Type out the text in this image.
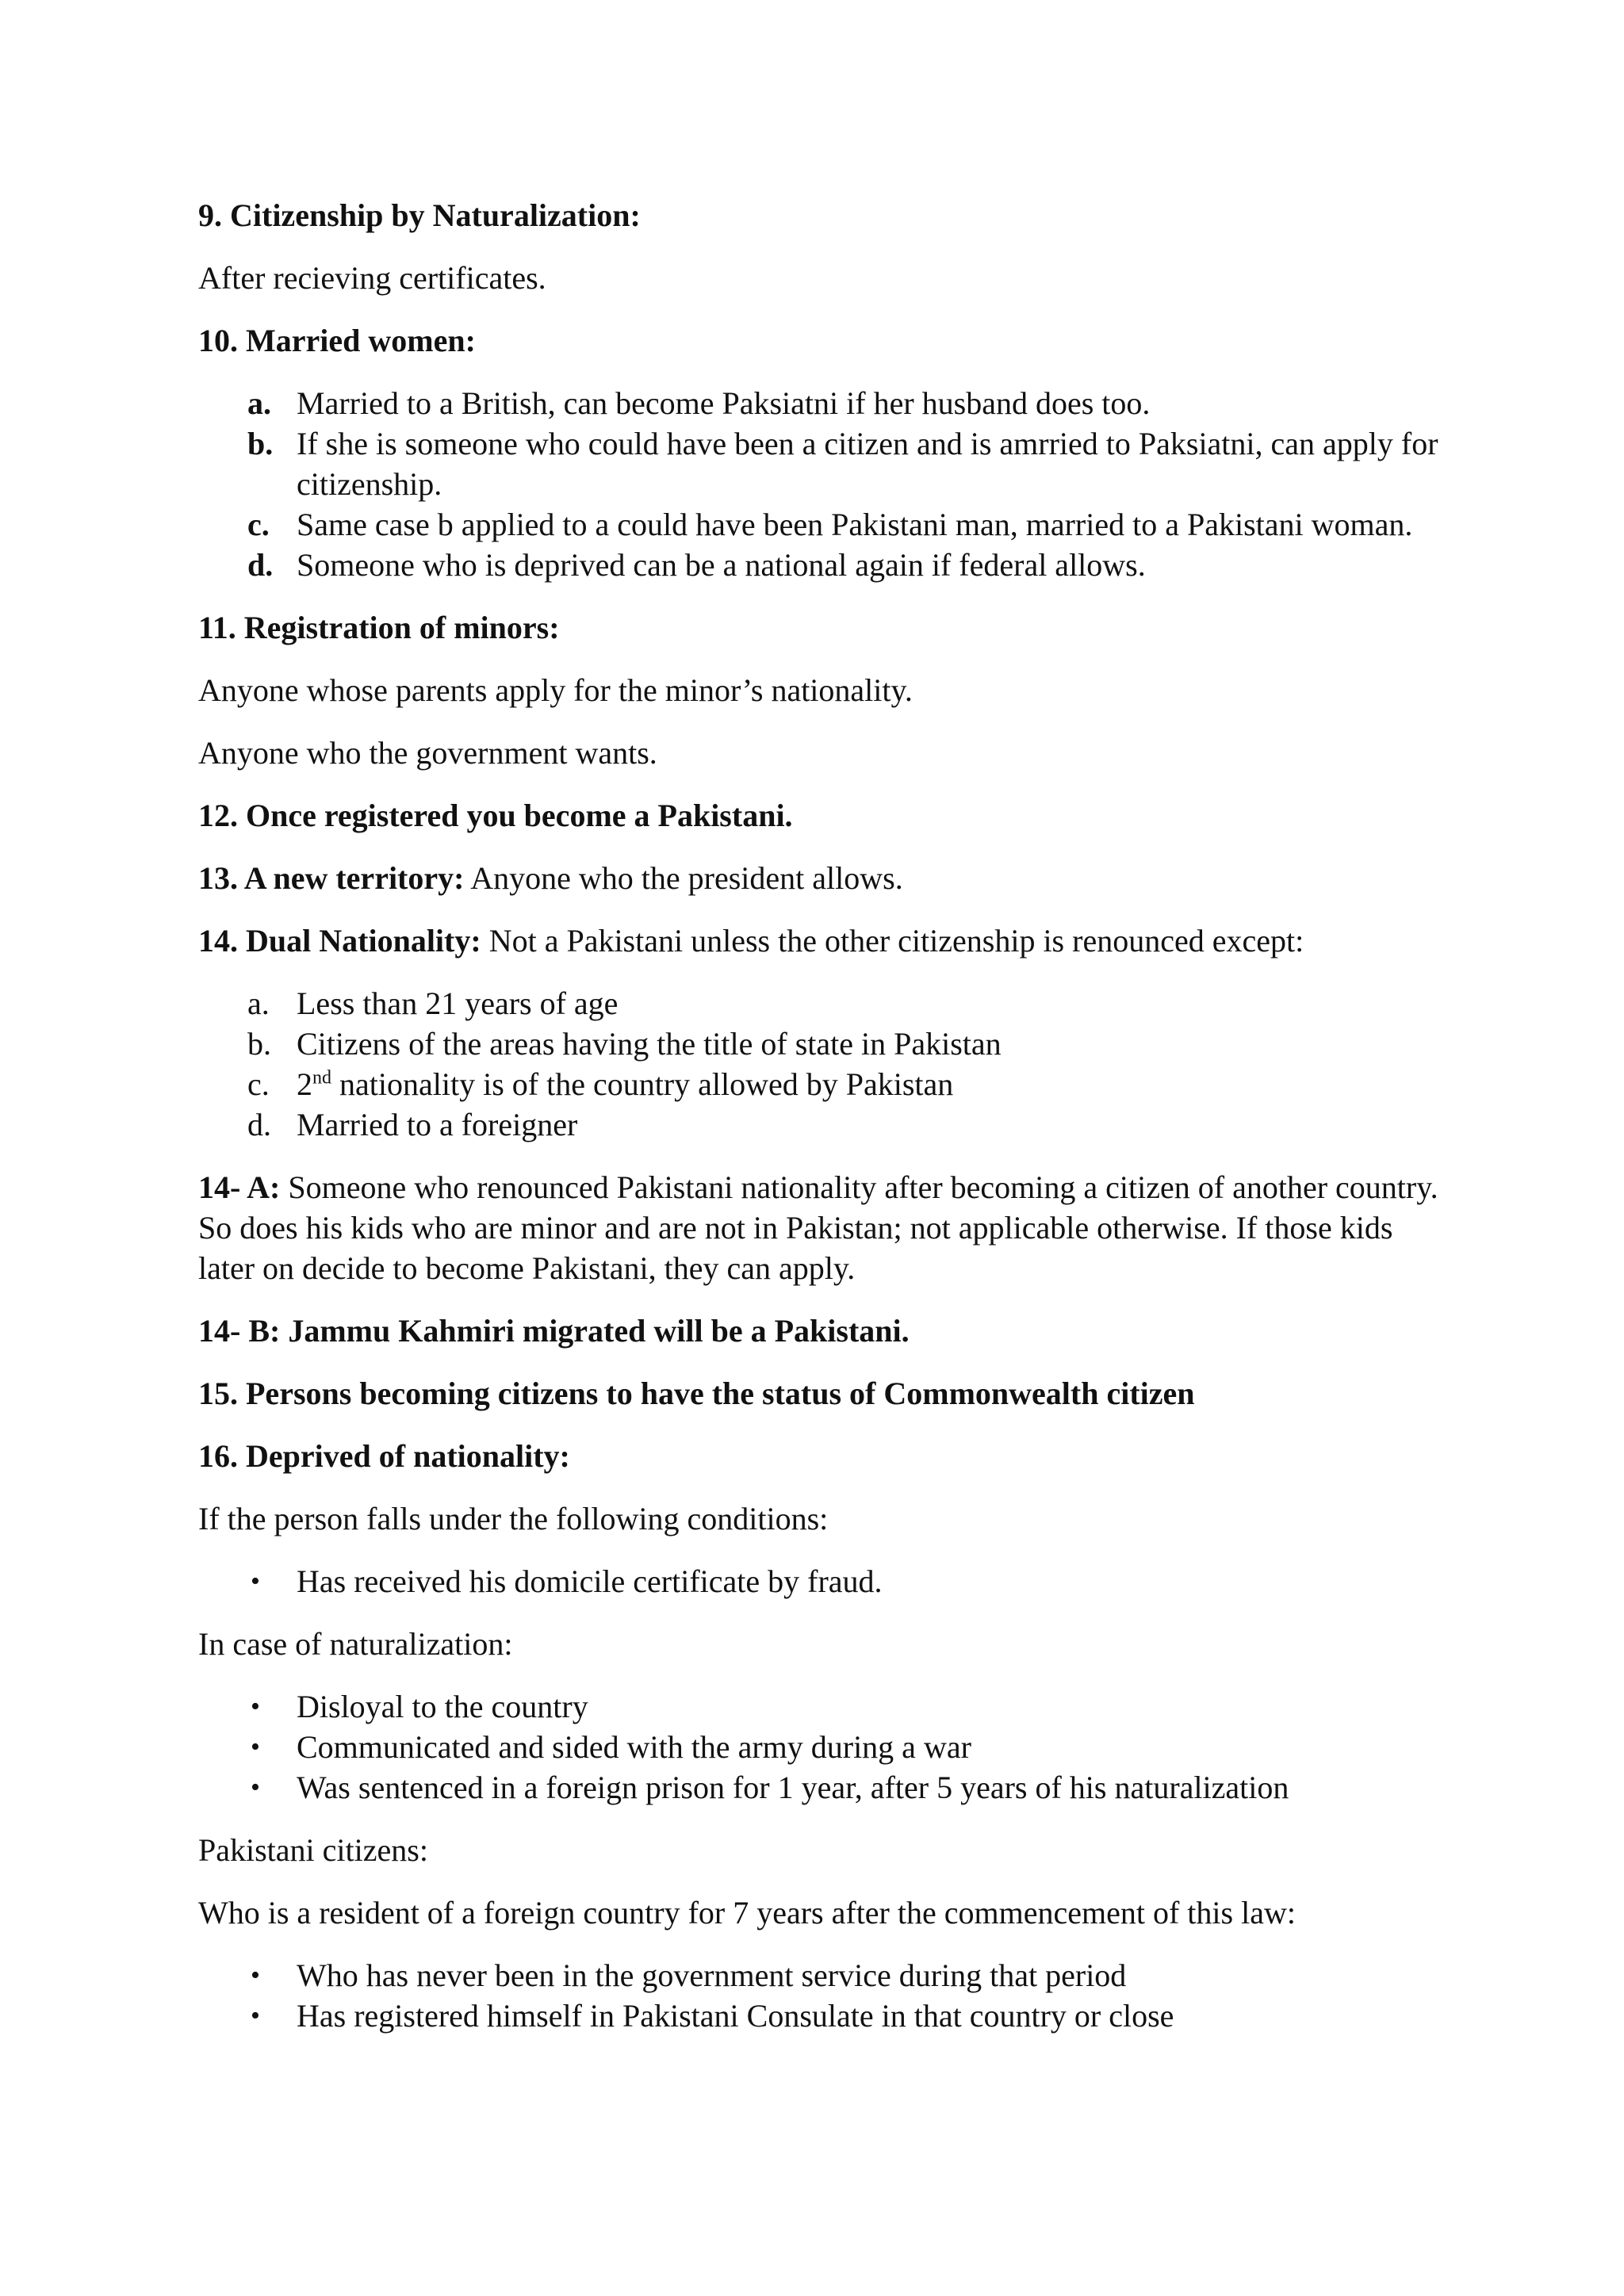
9. Citizenship by Naturalization:
After recieving certificates.
10. Married women:
a. Married to a British, can become Paksiatni if her husband does too.
b. If she is someone who could have been a citizen and is amrried to Paksiatni, can apply for citizenship.
c. Same case b applied to a could have been Pakistani man, married to a Pakistani woman.
d. Someone who is deprived can be a national again if federal allows.
11. Registration of minors:
Anyone whose parents apply for the minor’s nationality.
Anyone who the government wants.
12. Once registered you become a Pakistani.
13. A new territory: Anyone who the president allows.
14. Dual Nationality: Not a Pakistani unless the other citizenship is renounced except:
a. Less than 21 years of age
b. Citizens of the areas having the title of state in Pakistan
c. 2nd nationality is of the country allowed by Pakistan
d. Married to a foreigner
14- A: Someone who renounced Pakistani nationality after becoming a citizen of another country. So does his kids who are minor and are not in Pakistan; not applicable otherwise. If those kids later on decide to become Pakistani, they can apply.
14- B: Jammu Kahmiri migrated will be a Pakistani.
15. Persons becoming citizens to have the status of Commonwealth citizen
16. Deprived of nationality:
If the person falls under the following conditions:
• Has received his domicile certificate by fraud.
In case of naturalization:
• Disloyal to the country
• Communicated and sided with the army during a war
• Was sentenced in a foreign prison for 1 year, after 5 years of his naturalization
Pakistani citizens:
Who is a resident of a foreign country for 7 years after the commencement of this law:
• Who has never been in the government service during that period
• Has registered himself in Pakistani Consulate in that country or close
